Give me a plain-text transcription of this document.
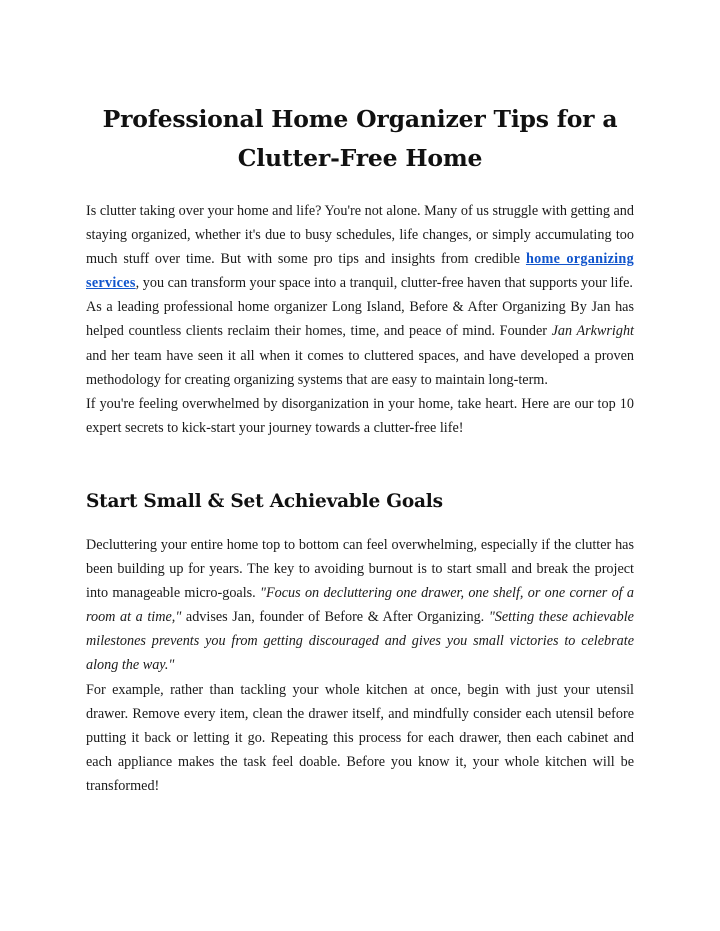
Professional Home Organizer Tips for a
Clutter-Free Home

Is clutter taking over your home and life? You're not alone. Many of us struggle with getting and staying organized, whether it's due to busy schedules, life changes, or simply accumulating too much stuff over time. But with some pro tips and insights from credible home organizing services, you can transform your space into a tranquil, clutter-free haven that supports your life.

As a leading professional home organizer Long Island, Before & After Organizing By Jan has helped countless clients reclaim their homes, time, and peace of mind. Founder Jan Arkwright and her team have seen it all when it comes to cluttered spaces, and have developed a proven methodology for creating organizing systems that are easy to maintain long-term.

If you're feeling overwhelmed by disorganization in your home, take heart. Here are our top 10 expert secrets to kick-start your journey towards a clutter-free life!

Start Small & Set Achievable Goals

Decluttering your entire home top to bottom can feel overwhelming, especially if the clutter has been building up for years. The key to avoiding burnout is to start small and break the project into manageable micro-goals. "Focus on decluttering one drawer, one shelf, or one corner of a room at a time," advises Jan, founder of Before & After Organizing. "Setting these achievable milestones prevents you from getting discouraged and gives you small victories to celebrate along the way."

For example, rather than tackling your whole kitchen at once, begin with just your utensil drawer. Remove every item, clean the drawer itself, and mindfully consider each utensil before putting it back or letting it go. Repeating this process for each drawer, then each cabinet and each appliance makes the task feel doable. Before you know it, your whole kitchen will be transformed!
